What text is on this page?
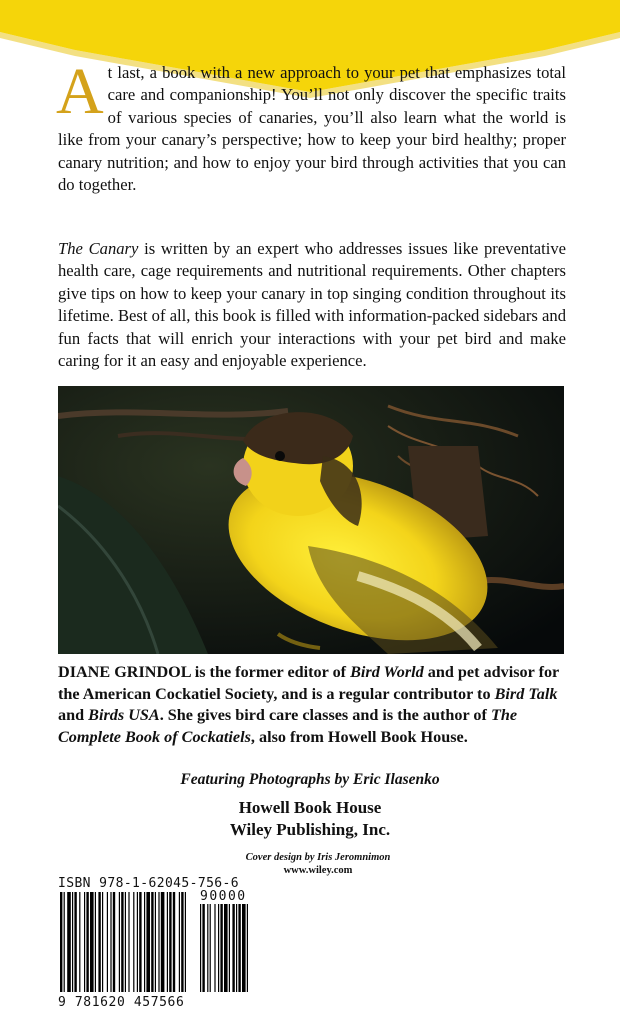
At last, a book with a new approach to your pet that emphasizes total care and companionship! You’ll not only discover the specific traits of various species of canaries, you’ll also learn what the world is like from your canary’s perspective; how to keep your bird healthy; proper canary nutrition; and how to enjoy your bird through activities that you can do together.

The Canary is written by an expert who addresses issues like preventative health care, cage requirements and nutritional requirements. Other chapters give tips on how to keep your canary in top singing condition throughout its lifetime. Best of all, this book is filled with information-packed sidebars and fun facts that will enrich your interactions with your pet bird and make caring for it an easy and enjoyable experience.

DIANE GRINDOL is the former editor of Bird World and pet advisor for the American Cockatiel Society, and is a regular contributor to Bird Talk and Birds USA. She gives bird care classes and is the author of The Complete Book of Cockatiels, also from Howell Book House.

Featuring Photographs by Eric Ilasenko
Howell Book House
Wiley Publishing, Inc.
Cover design by Iris Jeromnimon
www.wiley.com
ISBN 978-1-62045-756-6
90000
9 781620 457566
